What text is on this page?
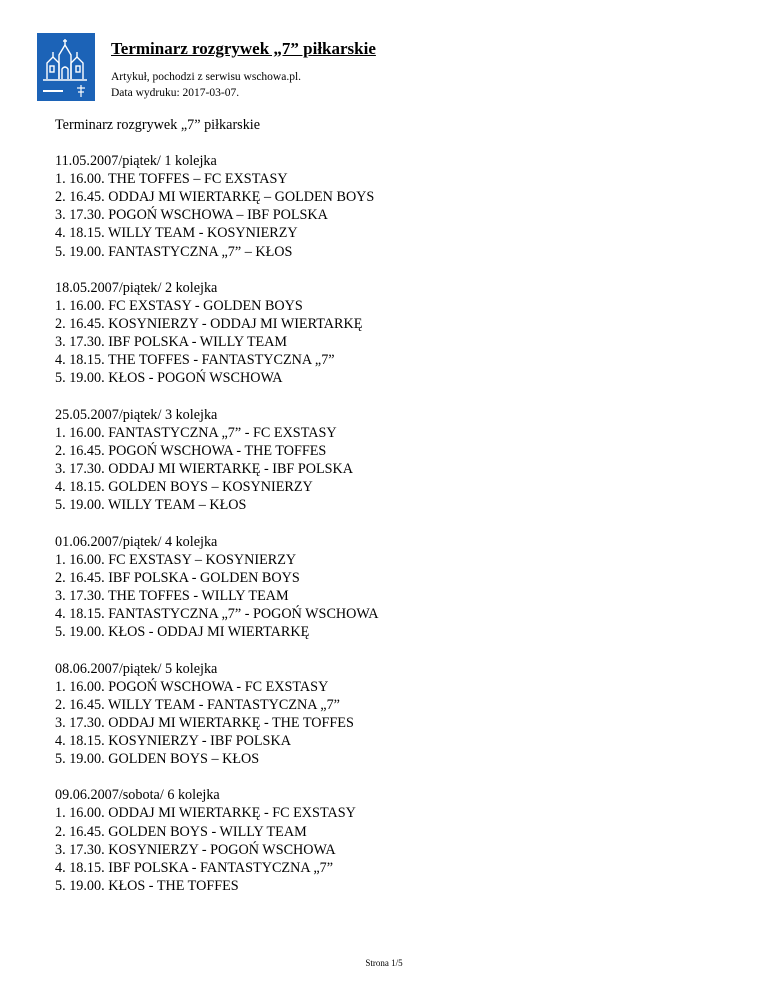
Terminarz rozgrywek „7” piłkarskie
Artykuł, pochodzi z serwisu wschowa.pl.
Data wydruku: 2017-03-07.
Terminarz rozgrywek „7” piłkarskie
11.05.2007/piątek/ 1 kolejka
1. 16.00. THE TOFFES – FC EXSTASY
2. 16.45. ODDAJ MI WIERTARKĘ – GOLDEN BOYS
3. 17.30. POGOŃ WSCHOWA – IBF POLSKA
4. 18.15. WILLY TEAM - KOSYNIERZY
5. 19.00. FANTASTYCZNA „7” – KŁOS
18.05.2007/piątek/ 2 kolejka
1. 16.00. FC EXSTASY - GOLDEN BOYS
2. 16.45. KOSYNIERZY - ODDAJ MI WIERTARKĘ
3. 17.30. IBF POLSKA - WILLY TEAM
4. 18.15. THE TOFFES - FANTASTYCZNA „7”
5. 19.00. KŁOS - POGOŃ WSCHOWA
25.05.2007/piątek/ 3 kolejka
1. 16.00. FANTASTYCZNA „7” - FC EXSTASY
2. 16.45. POGOŃ WSCHOWA - THE TOFFES
3. 17.30. ODDAJ MI WIERTARKĘ - IBF POLSKA
4. 18.15. GOLDEN BOYS – KOSYNIERZY
5. 19.00. WILLY TEAM – KŁOS
01.06.2007/piątek/ 4 kolejka
1. 16.00. FC EXSTASY – KOSYNIERZY
2. 16.45. IBF POLSKA - GOLDEN BOYS
3. 17.30. THE TOFFES - WILLY TEAM
4. 18.15. FANTASTYCZNA „7” - POGOŃ WSCHOWA
5. 19.00. KŁOS - ODDAJ MI WIERTARKĘ
08.06.2007/piątek/ 5 kolejka
1. 16.00. POGOŃ WSCHOWA - FC EXSTASY
2. 16.45. WILLY TEAM - FANTASTYCZNA „7”
3. 17.30. ODDAJ MI WIERTARKĘ - THE TOFFES
4. 18.15. KOSYNIERZY - IBF POLSKA
5. 19.00. GOLDEN BOYS – KŁOS
09.06.2007/sobota/ 6 kolejka
1. 16.00. ODDAJ MI WIERTARKĘ - FC EXSTASY
2. 16.45. GOLDEN BOYS - WILLY TEAM
3. 17.30. KOSYNIERZY - POGOŃ WSCHOWA
4. 18.15. IBF POLSKA - FANTASTYCZNA „7”
5. 19.00. KŁOS - THE TOFFES
Strona 1/5
